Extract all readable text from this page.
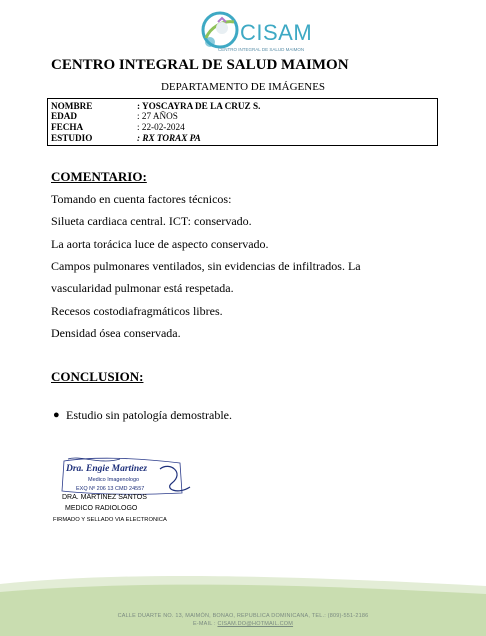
CISAM
CENTRO INTEGRAL DE SALUD MAIMON
CENTRO INTEGRAL DE SALUD MAIMON
DEPARTAMENTO DE IMÁGENES
NOMBRE	: YOSCAYRA DE LA CRUZ S.
EDAD	: 27 AÑOS
FECHA	: 22-02-2024
ESTUDIO	: RX TORAX PA
COMENTARIO:
Tomando en cuenta factores técnicos:
Silueta cardiaca central. ICT: conservado.
La aorta torácica luce de aspecto conservado.
Campos pulmonares ventilados, sin evidencias de infiltrados. La
vascularidad pulmonar está respetada.
Recesos costodiafragmáticos libres.
Densidad ósea conservada.
CONCLUSION:
● Estudio sin patología demostrable.
Dra. Engie Martinez
Medico Imagenologo
EXQ Nº 206 13 CMD 24557
DRA. MARTINEZ SANTOS
MEDICO RADIOLOGO
FIRMADO Y SELLADO VIA ELECTRONICA
CALLE DUARTE NO. 13, MAIMÓN, BONAO, REPUBLICA DOMINICANA, TEL.: (809)-551-2186
E-MAIL : CISAM.DO@HOTMAIL.COM
